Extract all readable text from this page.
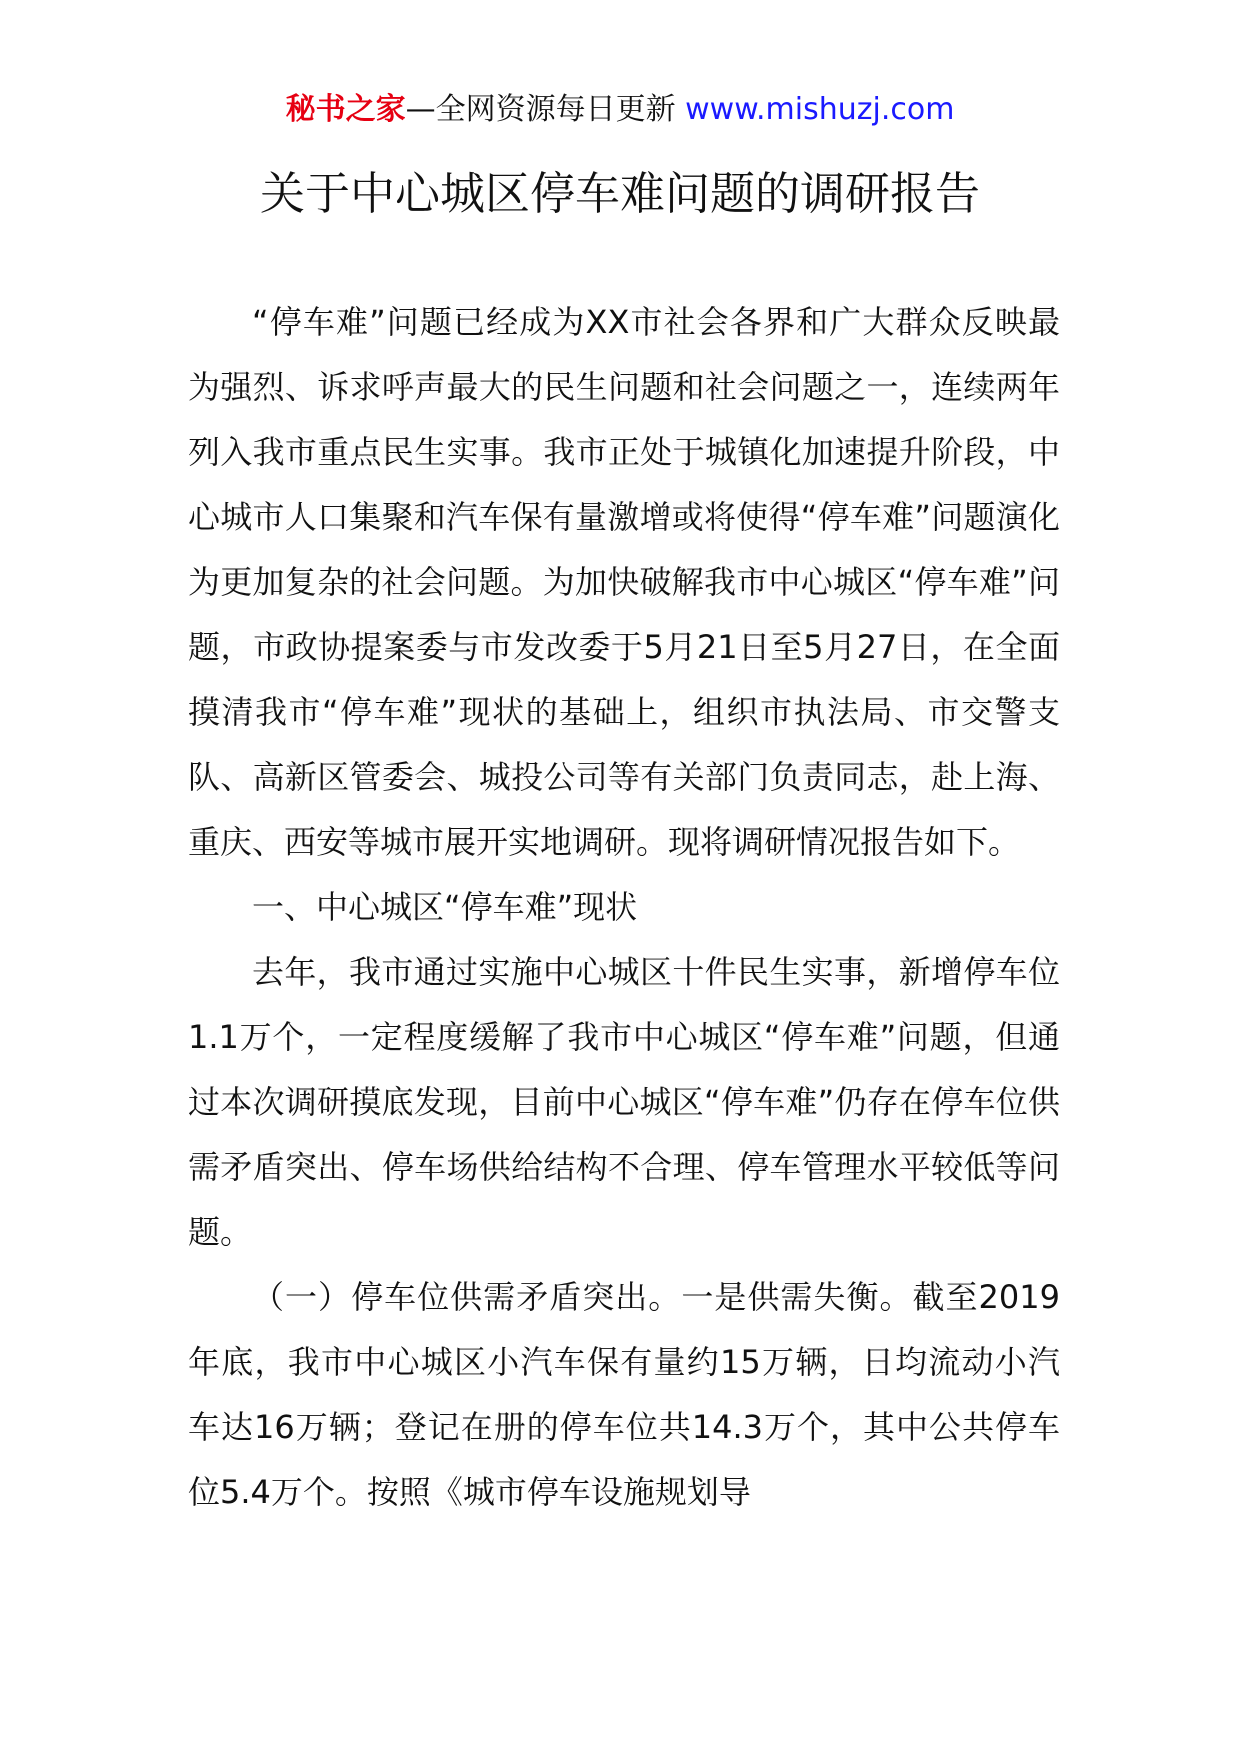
秘书之家—全网资源每日更新 www.mishuzj.com
关于中心城区停车难问题的调研报告

“停车难”问题已经成为XX市社会各界和广大群众反映最为强烈、诉求呼声最大的民生问题和社会问题之一，连续两年列入我市重点民生实事。我市正处于城镇化加速提升阶段，中心城市人口集聚和汽车保有量激增或将使得“停车难”问题演化为更加复杂的社会问题。为加快破解我市中心城区“停车难”问题，市政协提案委与市发改委于5月21日至5月27日，在全面摸清我市“停车难”现状的基础上，组织市执法局、市交警支队、高新区管委会、城投公司等有关部门负责同志，赴上海、重庆、西安等城市展开实地调研。现将调研情况报告如下。

一、中心城区“停车难”现状

去年，我市通过实施中心城区十件民生实事，新增停车位1.1万个，一定程度缓解了我市中心城区“停车难”问题，但通过本次调研摸底发现，目前中心城区“停车难”仍存在停车位供需矛盾突出、停车场供给结构不合理、停车管理水平较低等问题。

（一）停车位供需矛盾突出。一是供需失衡。截至2019年底，我市中心城区小汽车保有量约15万辆，日均流动小汽车达16万辆；登记在册的停车位共14.3万个，其中公共停车位5.4万个。按照《城市停车设施规划导
